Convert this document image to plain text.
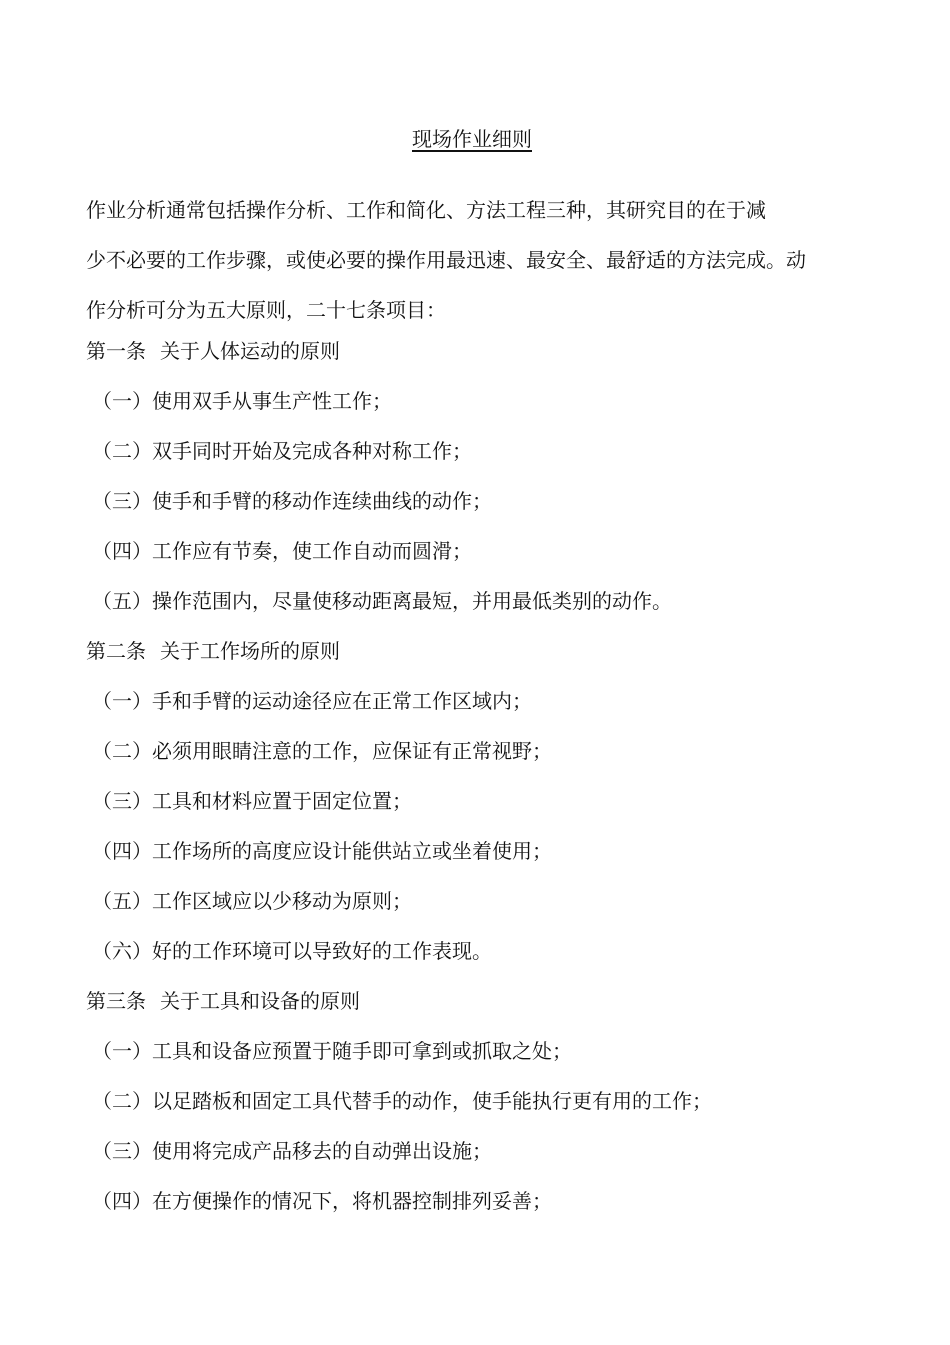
现场作业细则
作业分析通常包括操作分析、工作和简化、方法工程三种，其研究目的在于减
少不必要的工作步骤，或使必要的操作用最迅速、最安全、最舒适的方法完成。动
作分析可分为五大原则，二十七条项目：
第一条 关于人体运动的原则
（一）使用双手从事生产性工作；
（二）双手同时开始及完成各种对称工作；
（三）使手和手臂的移动作连续曲线的动作；
（四）工作应有节奏，使工作自动而圆滑；
（五）操作范围内，尽量使移动距离最短，并用最低类别的动作。
第二条 关于工作场所的原则
（一）手和手臂的运动途径应在正常工作区域内；
（二）必须用眼睛注意的工作，应保证有正常视野；
（三）工具和材料应置于固定位置；
（四）工作场所的高度应设计能供站立或坐着使用；
（五）工作区域应以少移动为原则；
（六）好的工作环境可以导致好的工作表现。
第三条 关于工具和设备的原则
（一）工具和设备应预置于随手即可拿到或抓取之处；
（二）以足踏板和固定工具代替手的动作，使手能执行更有用的工作；
（三）使用将完成产品移去的自动弹出设施；
（四）在方便操作的情况下，将机器控制排列妥善；
